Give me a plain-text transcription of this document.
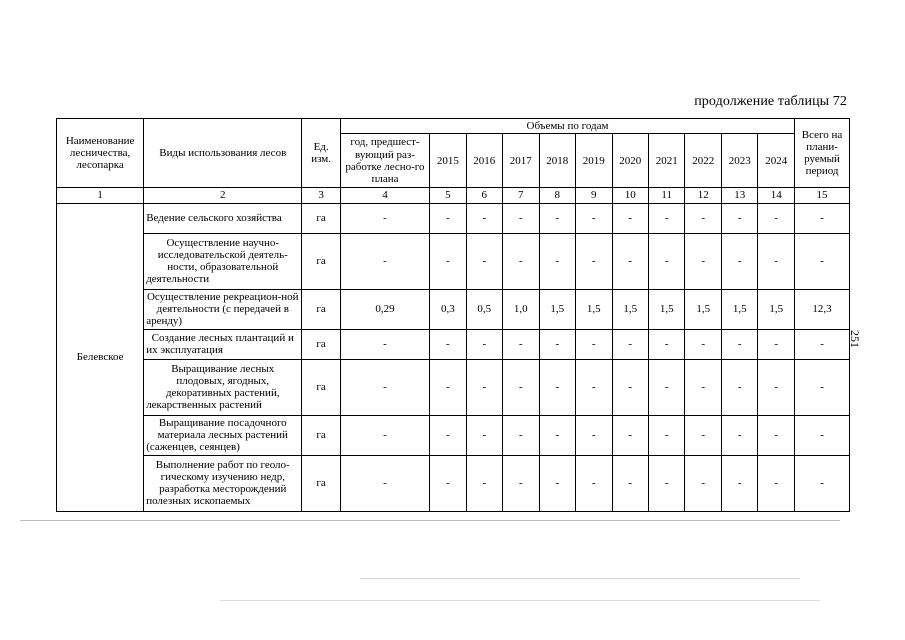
продолжение таблицы 72
251
Наименование лесничества, лесопарка	Виды использования лесов	Ед. изм.	Объемы по годам											Всего на плани-руемый период
			год, предшест-вующий раз-работке лесно-го плана	2015	2016	2017	2018	2019	2020	2021	2022	2023	2024	
1	2	3	4	5	6	7	8	9	10	11	12	13	14	15
Белевское	Ведение сельского хозяйства	га	-	-	-	-	-	-	-	-	-	-	-	-
	Осуществление научно-исследовательской деятель-ности, образовательной деятельности	га	-	-	-	-	-	-	-	-	-	-	-	-
	Осуществление рекреацион-ной деятельности (с передачей в аренду)	га	0,29	0,3	0,5	1,0	1,5	1,5	1,5	1,5	1,5	1,5	1,5	12,3
	Создание лесных плантаций и их эксплуатация	га	-	-	-	-	-	-	-	-	-	-	-	-
	Выращивание лесных плодовых, ягодных, декоративных растений, лекарственных растений	га	-	-	-	-	-	-	-	-	-	-	-	-
	Выращивание посадочного материала лесных растений (саженцев, сеянцев)	га	-	-	-	-	-	-	-	-	-	-	-	-
	Выполнение работ по геоло-гическому изучению недр, разработка месторождений полезных ископаемых	га	-	-	-	-	-	-	-	-	-	-	-	-
